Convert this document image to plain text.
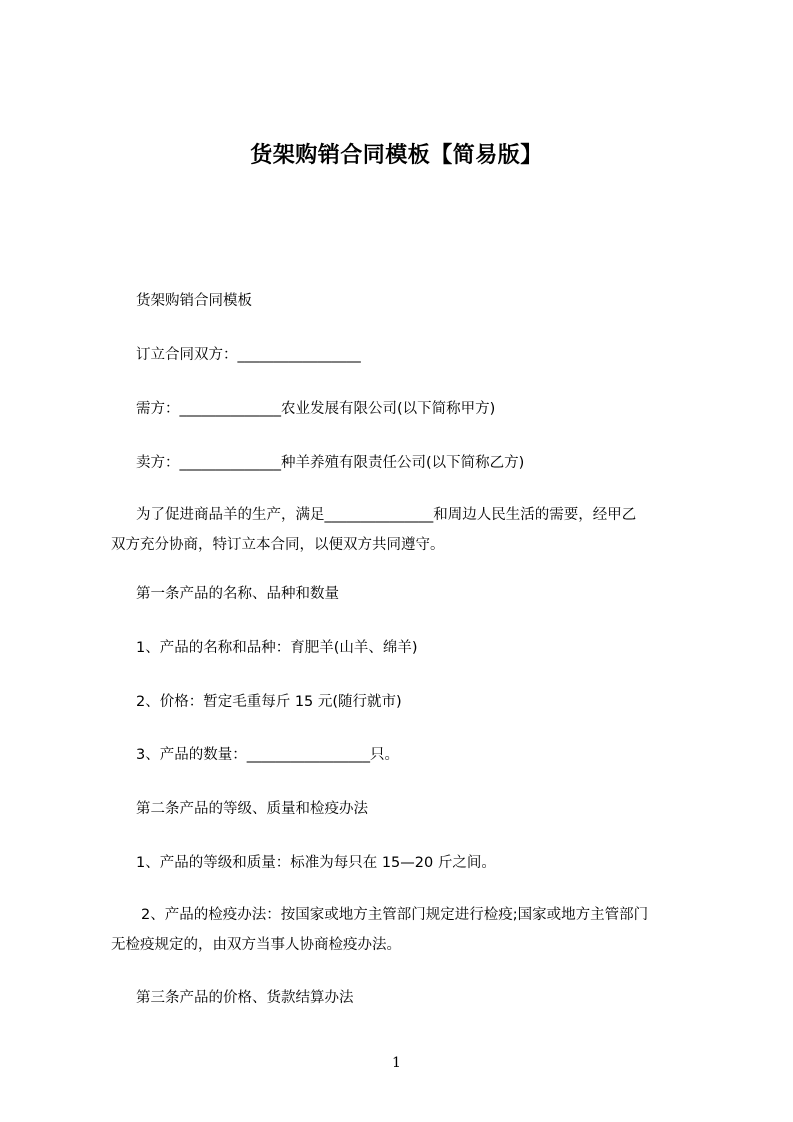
货架购销合同模板【简易版】
货架购销合同模板
订立合同双方：_________________
需方：______________农业发展有限公司(以下简称甲方)
卖方：______________种羊养殖有限责任公司(以下简称乙方)
为了促进商品羊的生产，满足_______________和周边人民生活的需要，经甲乙
双方充分协商，特订立本合同，以便双方共同遵守。
第一条产品的名称、品种和数量
1、产品的名称和品种：育肥羊(山羊、绵羊)
2、价格：暂定毛重每斤 15 元(随行就市)
3、产品的数量：_________________只。
第二条产品的等级、质量和检疫办法
1、产品的等级和质量：标准为每只在 15—20 斤之间。
2、产品的检疫办法：按国家或地方主管部门规定进行检疫;国家或地方主管部门
无检疫规定的，由双方当事人协商检疫办法。
第三条产品的价格、货款结算办法
1
